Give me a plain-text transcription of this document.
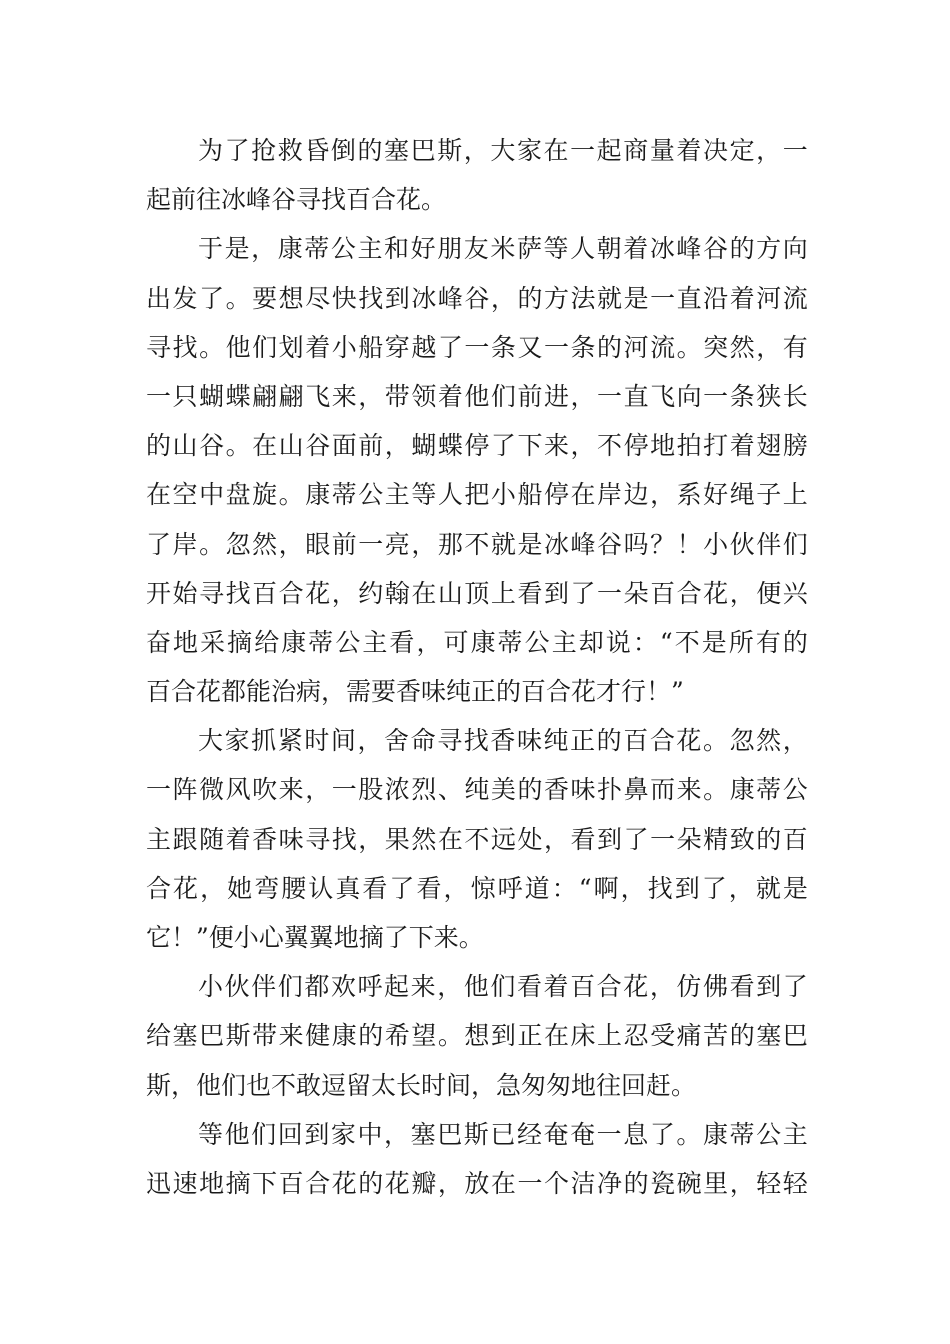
为 了 抢 救 昏 倒 的 塞 巴 斯 ， 大 家 在 一 起 商 量 着 决 定 ， 一
起前往冰峰谷寻找百合花。
于 是 ， 康 蒂 公 主 和 好 朋 友 米 萨 等 人 朝 着 冰 峰 谷 的 方 向
出 发 了 。 要 想 尽 快 找 到 冰 峰 谷 ， 的 方 法 就 是 一 直 沿 着 河 流
寻 找 。 他 们 划 着 小 船 穿 越 了 一 条 又 一 条 的 河 流 。 突 然 ， 有
一 只 蝴 蝶 翩 翩 飞 来 ， 带 领 着 他 们 前 进 ， 一 直 飞 向 一 条 狭 长
的 山 谷 。 在 山 谷 面 前 ， 蝴 蝶 停 了 下 来 ， 不 停 地 拍 打 着 翅 膀
在 空 中 盘 旋 。 康 蒂 公 主 等 人 把 小 船 停 在 岸 边 ， 系 好 绳 子 上
了 岸 。 忽 然 ， 眼 前 一 亮 ， 那 不 就 是 冰 峰 谷 吗 ？ ！ 小 伙 伴 们
开 始 寻 找 百 合 花 ， 约 翰 在 山 顶 上 看 到 了 一 朵 百 合 花 ， 便 兴
奋 地 采 摘 给 康 蒂 公 主 看 ， 可 康 蒂 公 主 却 说 ： “ 不 是 所 有 的
百合花都能治病，需要香味纯正的百合花才行！”
大 家 抓 紧 时 间 ， 舍 命 寻 找 香 味 纯 正 的 百 合 花 。 忽 然 ，
一 阵 微 风 吹 来 ， 一 股 浓 烈 、 纯 美 的 香 味 扑 鼻 而 来 。 康 蒂 公
主 跟 随 着 香 味 寻 找 ， 果 然 在 不 远 处 ， 看 到 了 一 朵 精 致 的 百
合 花 ， 她 弯 腰 认 真 看 了 看 ， 惊 呼 道 ： “ 啊 ， 找 到 了 ， 就 是
它！”便小心翼翼地摘了下来。
小 伙 伴 们 都 欢 呼 起 来 ， 他 们 看 着 百 合 花 ， 仿 佛 看 到 了
给 塞 巴 斯 带 来 健 康 的 希 望 。 想 到 正 在 床 上 忍 受 痛 苦 的 塞 巴
斯，他们也不敢逗留太长时间，急匆匆地往回赶。
等 他 们 回 到 家 中 ， 塞 巴 斯 已 经 奄 奄 一 息 了 。 康 蒂 公 主
迅 速 地 摘 下 百 合 花 的 花 瓣 ， 放 在 一 个 洁 净 的 瓷 碗 里 ， 轻 轻
